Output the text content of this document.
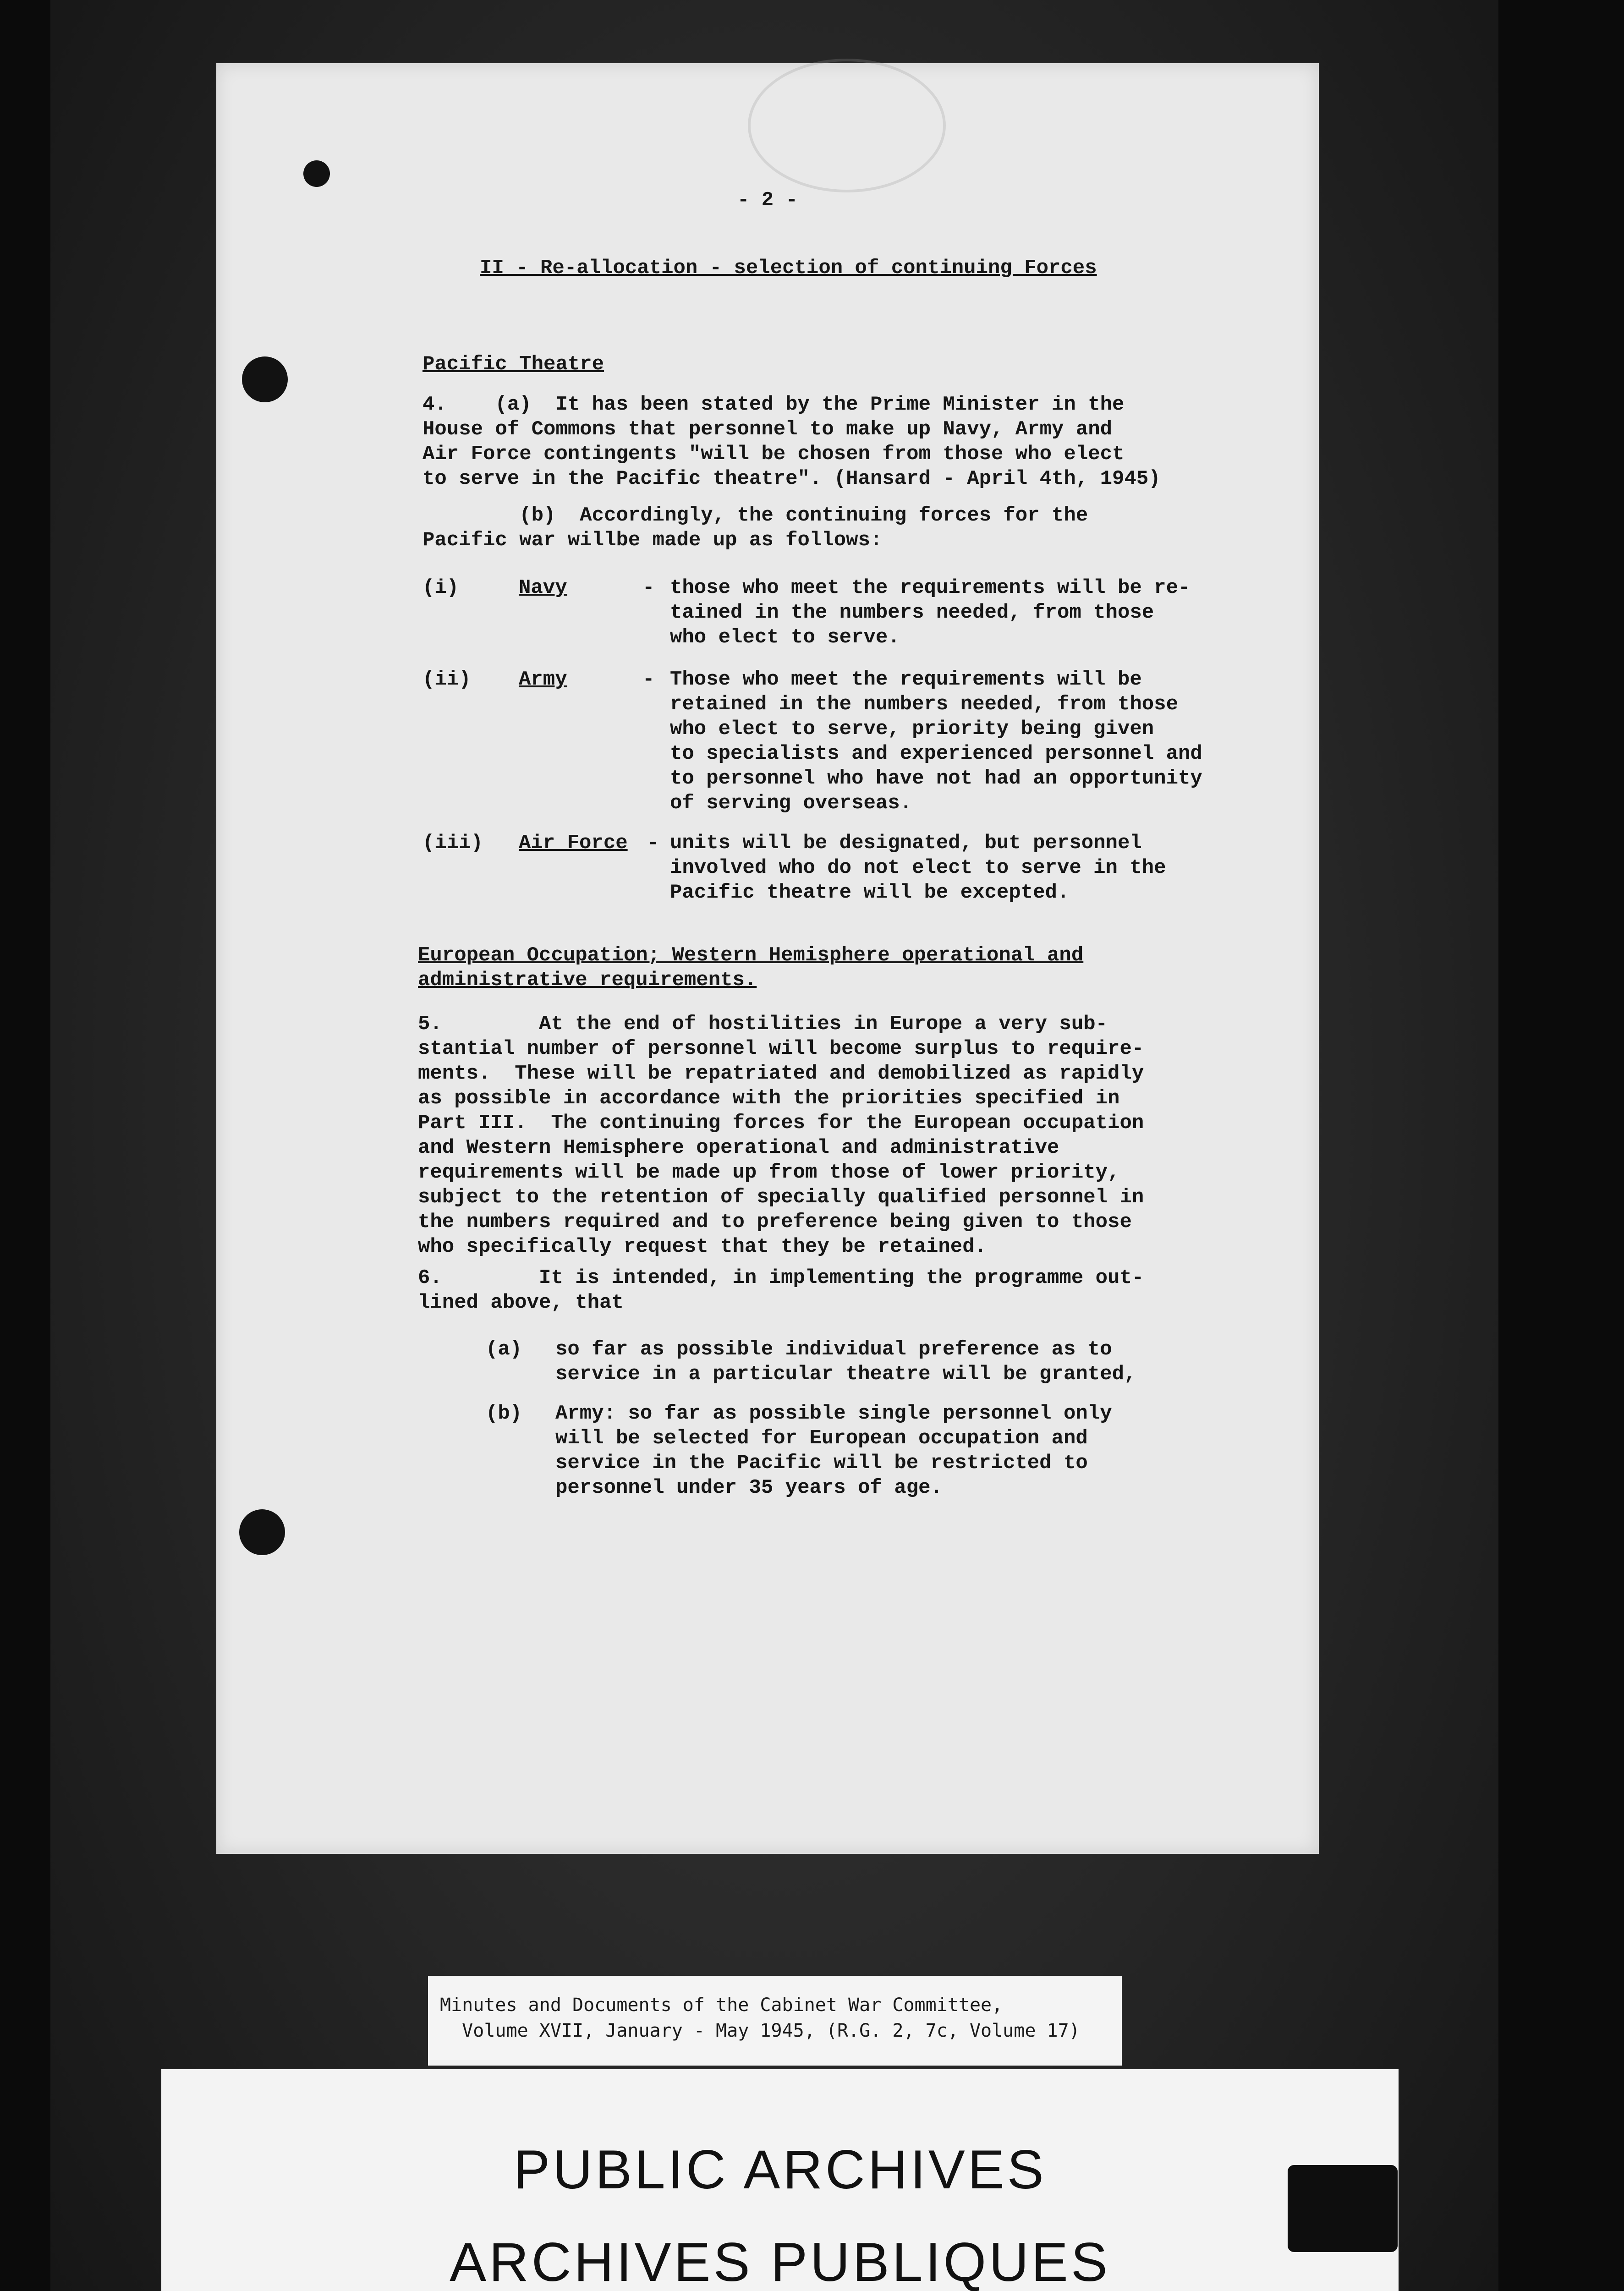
- 2 -
II - Re-allocation - selection of continuing Forces
Pacific Theatre

4.    (a)  It has been stated by the Prime Minister in the

House of Commons that personnel to make up Navy, Army and

Air Force contingents "will be chosen from those who elect

to serve in the Pacific theatre". (Hansard - April 4th, 1945)

(b)  Accordingly, the continuing forces for the

Pacific war willbe made up as follows:

(i)	Navy	- those who meet the requirements will be re-

tained in the numbers needed, from those

who elect to serve.

(ii) Army	- Those who meet the requirements will be

retained in the numbers needed, from those

who elect to serve, priority being given

to specialists and experienced personnel and

to personnel who have not had an opportunity

of serving overseas.

(iii) Air Force - units will be designated, but personnel

involved who do not elect to serve in the

Pacific theatre will be excepted.

European Occupation; Western Hemisphere operational and

administrative requirements.

5.        At the end of hostilities in Europe a very sub-

stantial number of personnel will become surplus to require-

ments.  These will be repatriated and demobilized as rapidly

as possible in accordance with the priorities specified in

Part III.  The continuing forces for the European occupation

and Western Hemisphere operational and administrative

requirements will be made up from those of lower priority,

subject to the retention of specially qualified personnel in

the numbers required and to preference being given to those

who specifically request that they be retained.

6.        It is intended, in implementing the programme out-

lined above, that

(a) so far as possible individual preference as to

service in a particular theatre will be granted,

(b) Army: so far as possible single personnel only

will be selected for European occupation and

service in the Pacific will be restricted to

personnel under 35 years of age.

Minutes and Documents of the Cabinet War Committee,
Volume XVII, January - May 1945, (R.G. 2, 7c, Volume 17)
PUBLIC ARCHIVES
ARCHIVES PUBLIQUES
